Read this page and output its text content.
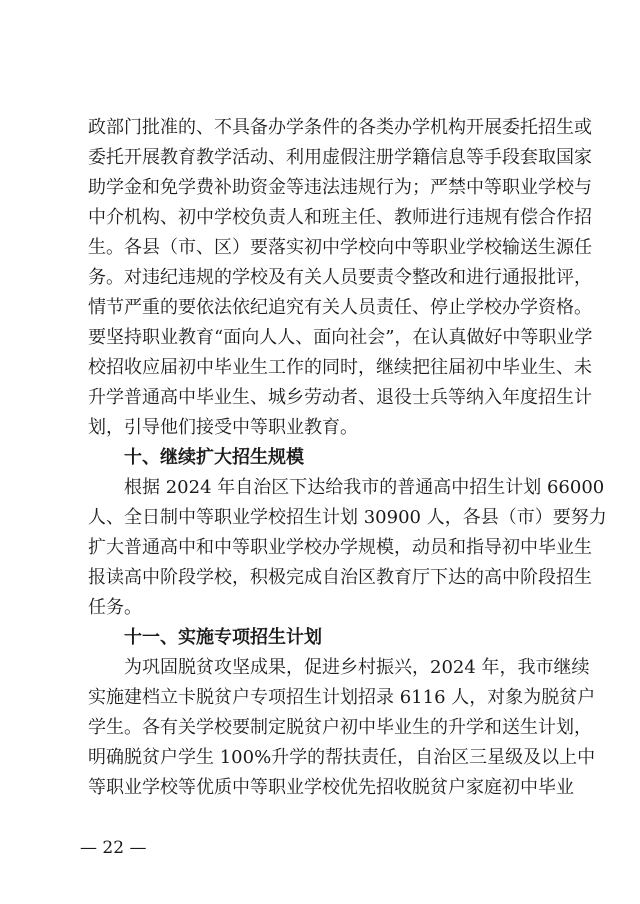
政部门批准的、不具备办学条件的各类办学机构开展委托招生或
委托开展教育教学活动、利用虚假注册学籍信息等手段套取国家
助学金和免学费补助资金等违法违规行为；严禁中等职业学校与
中介机构、初中学校负责人和班主任、教师进行违规有偿合作招
生。各县（市、区）要落实初中学校向中等职业学校输送生源任
务。对违纪违规的学校及有关人员要责令整改和进行通报批评，
情节严重的要依法依纪追究有关人员责任、停止学校办学资格。
要坚持职业教育“面向人人、面向社会”，在认真做好中等职业学
校招收应届初中毕业生工作的同时，继续把往届初中毕业生、未
升学普通高中毕业生、城乡劳动者、退役士兵等纳入年度招生计
划，引导他们接受中等职业教育。
十、继续扩大招生规模
根据 2024 年自治区下达给我市的普通高中招生计划 66000
人、全日制中等职业学校招生计划 30900 人，各县（市）要努力
扩大普通高中和中等职业学校办学规模，动员和指导初中毕业生
报读高中阶段学校，积极完成自治区教育厅下达的高中阶段招生
任务。
十一、实施专项招生计划
为巩固脱贫攻坚成果，促进乡村振兴，2024 年，我市继续
实施建档立卡脱贫户专项招生计划招录 6116 人，对象为脱贫户
学生。各有关学校要制定脱贫户初中毕业生的升学和送生计划，
明确脱贫户学生 100%升学的帮扶责任，自治区三星级及以上中
等职业学校等优质中等职业学校优先招收脱贫户家庭初中毕业
— 22 —
